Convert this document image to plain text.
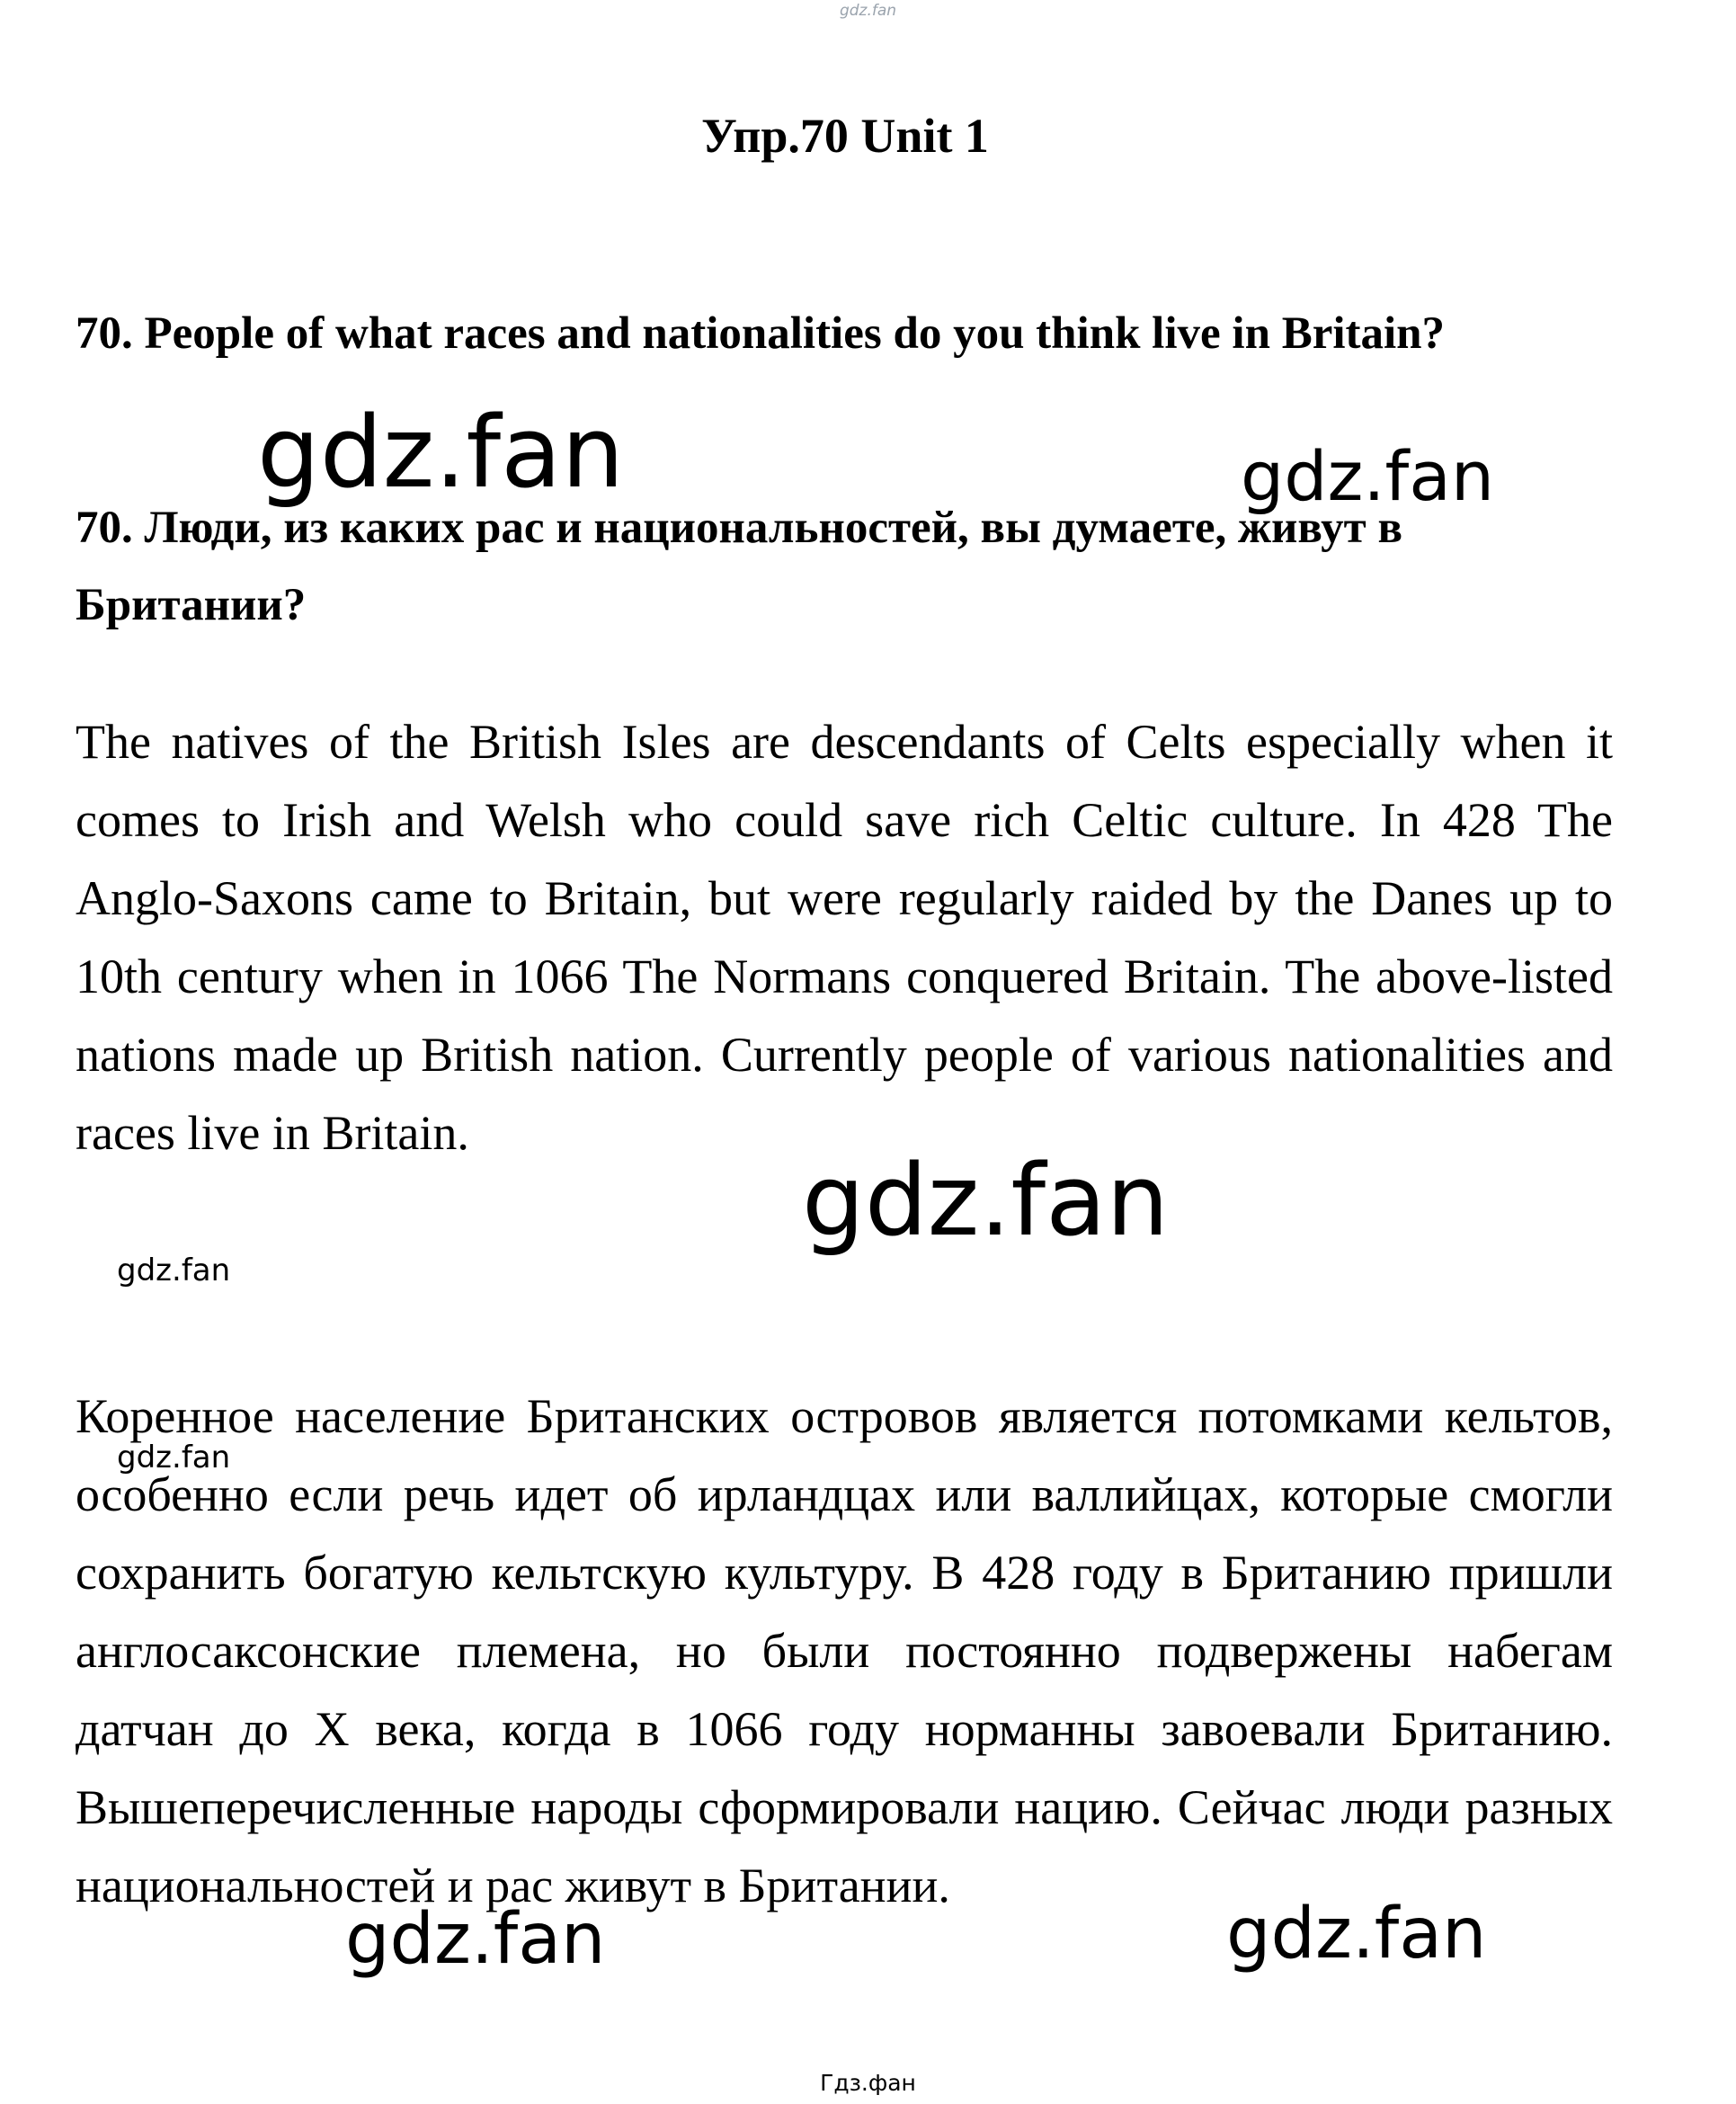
gdz.fan
Упр.70 Unit 1

70. People of what races and nationalities do you think live in Britain?

70. Люди, из каких рас и национальностей, вы думаете, живут в Британии?

The natives of the British Isles are descendants of Celts especially when it comes to Irish and Welsh who could save rich Celtic culture. In 428 The Anglo-Saxons came to Britain, but were regularly raided by the Danes up to 10th century when in 1066 The Normans conquered Britain. The above-listed nations made up British nation. Currently people of various nationalities and races live in Britain.

Коренное население Британских островов является потомками кельтов, особенно если речь идет об ирландцах или валлийцах, которые смогли сохранить богатую кельтскую культуру. В 428 году в Британию пришли англосаксонские племена, но были постоянно подвержены набегам датчан до X века, когда в 1066 году норманны завоевали Британию. Вышеперечисленные народы сформировали нацию. Сейчас люди разных национальностей и рас живут в Британии.

gdz.fan	gdz.fan
gdz.fan
gdz.fan
gdz.fan
gdz.fan	gdz.fan
Гдз.фан
